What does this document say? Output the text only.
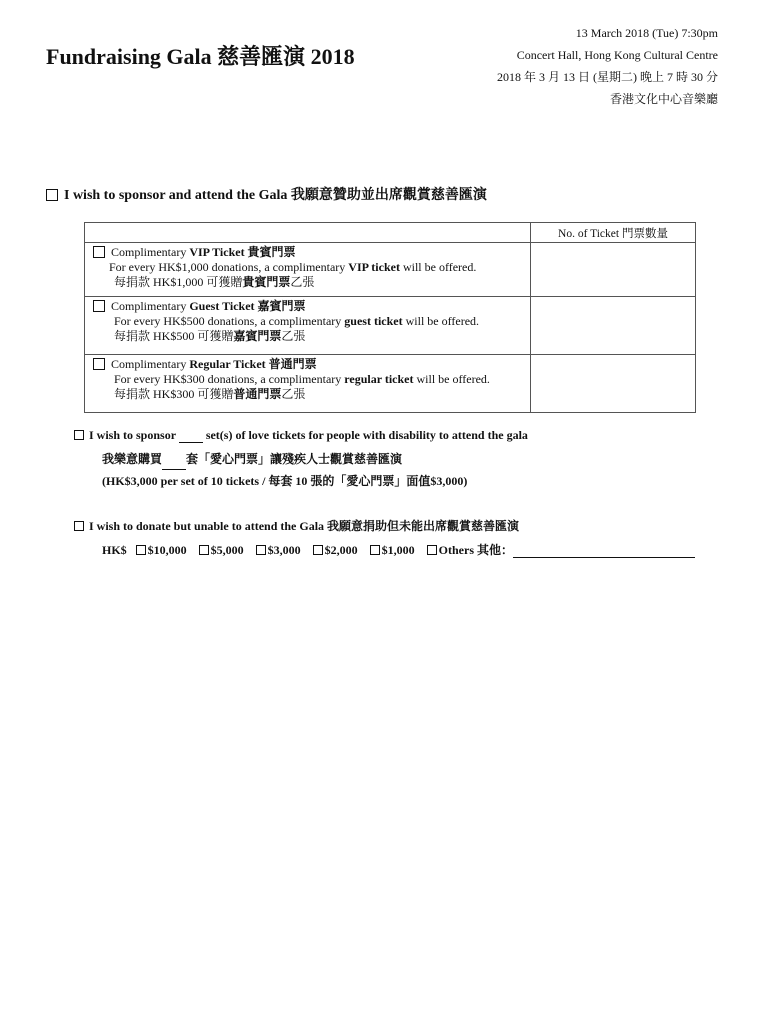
Fundraising Gala 慈善匯演 2018
13 March 2018 (Tue) 7:30pm
Concert Hall, Hong Kong Cultural Centre
2018 年 3 月 13 日 (星期二) 晚上 7 時 30 分
香港文化中心音樂廳
I wish to sponsor and attend the Gala 我願意贊助並出席觀賞慈善匯演
	No. of Ticket 門票數量

Complimentary VIP Ticket 貴賓門票
For every HK$1,000 donations, a complimentary VIP ticket will be offered.
每捐款 HK$1,000 可獲贈貴賓門票乙張	

Complimentary Guest Ticket 嘉賓門票
For every HK$500 donations, a complimentary guest ticket will be offered.
每捐款 HK$500 可獲贈嘉賓門票乙張	

Complimentary Regular Ticket 普通門票
For every HK$300 donations, a complimentary regular ticket will be offered.
每捐款 HK$300 可獲贈普通門票乙張	

I wish to sponsor  set(s) of love tickets for people with disability to attend the gala
我樂意購買 套「愛心門票」讓殘疾人士觀賞慈善匯演
(HK$3,000 per set of 10 tickets / 每套 10 張的「愛心門票」面值$3,000)
I wish to donate but unable to attend the Gala 我願意捐助但未能出席觀賞慈善匯演
HK$ $10,000 $5,000 $3,000 $2,000 $1,000 Others 其他：
